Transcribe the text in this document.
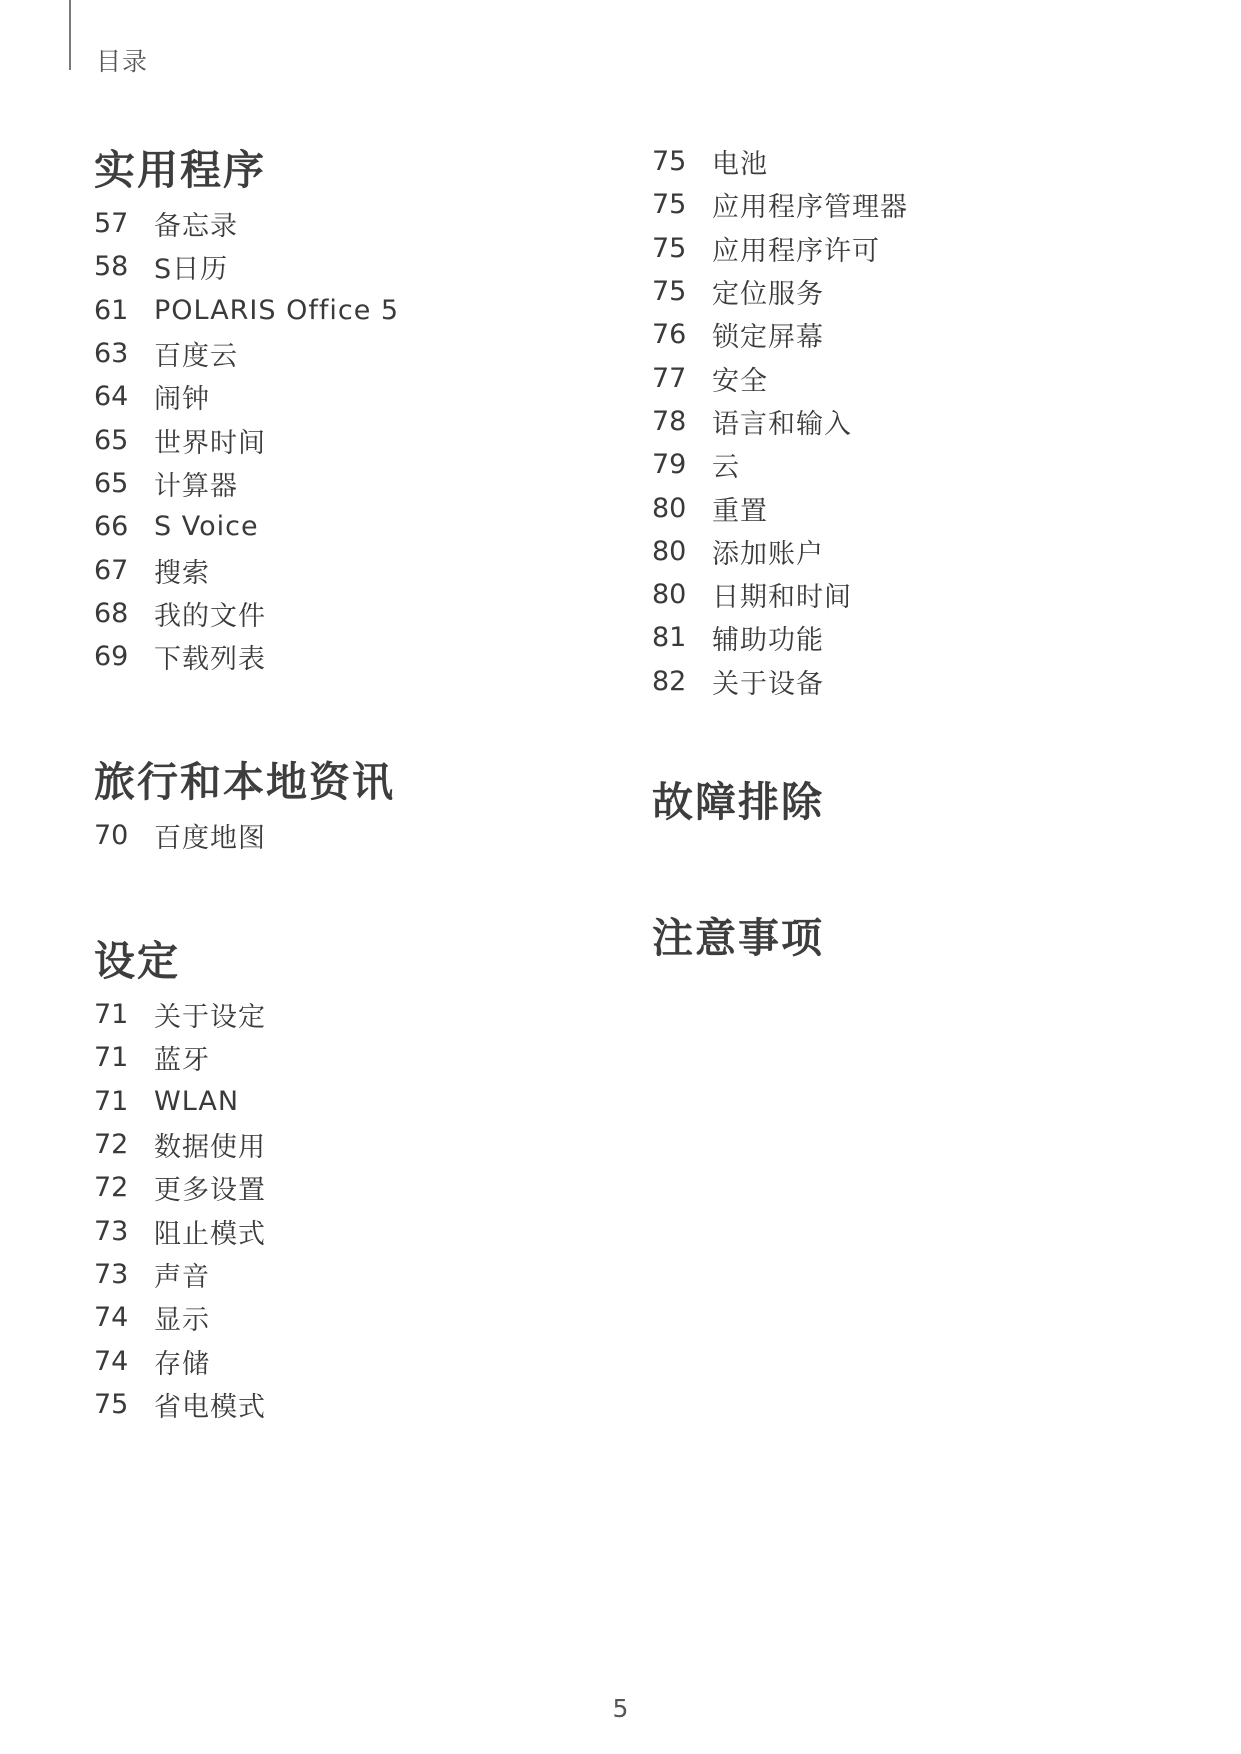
目录
实用程序
57 备忘录
58 S日历
61 POLARIS Office 5
63 百度云
64 闹钟
65 世界时间
65 计算器
66 S Voice
67 搜索
68 我的文件
69 下载列表
旅行和本地资讯
70 百度地图
设定
71 关于设定
71 蓝牙
71 WLAN
72 数据使用
72 更多设置
73 阻止模式
73 声音
74 显示
74 存储
75 省电模式
75 电池
75 应用程序管理器
75 应用程序许可
75 定位服务
76 锁定屏幕
77 安全
78 语言和输入
79 云
80 重置
80 添加账户
80 日期和时间
81 辅助功能
82 关于设备
故障排除
注意事项
5
